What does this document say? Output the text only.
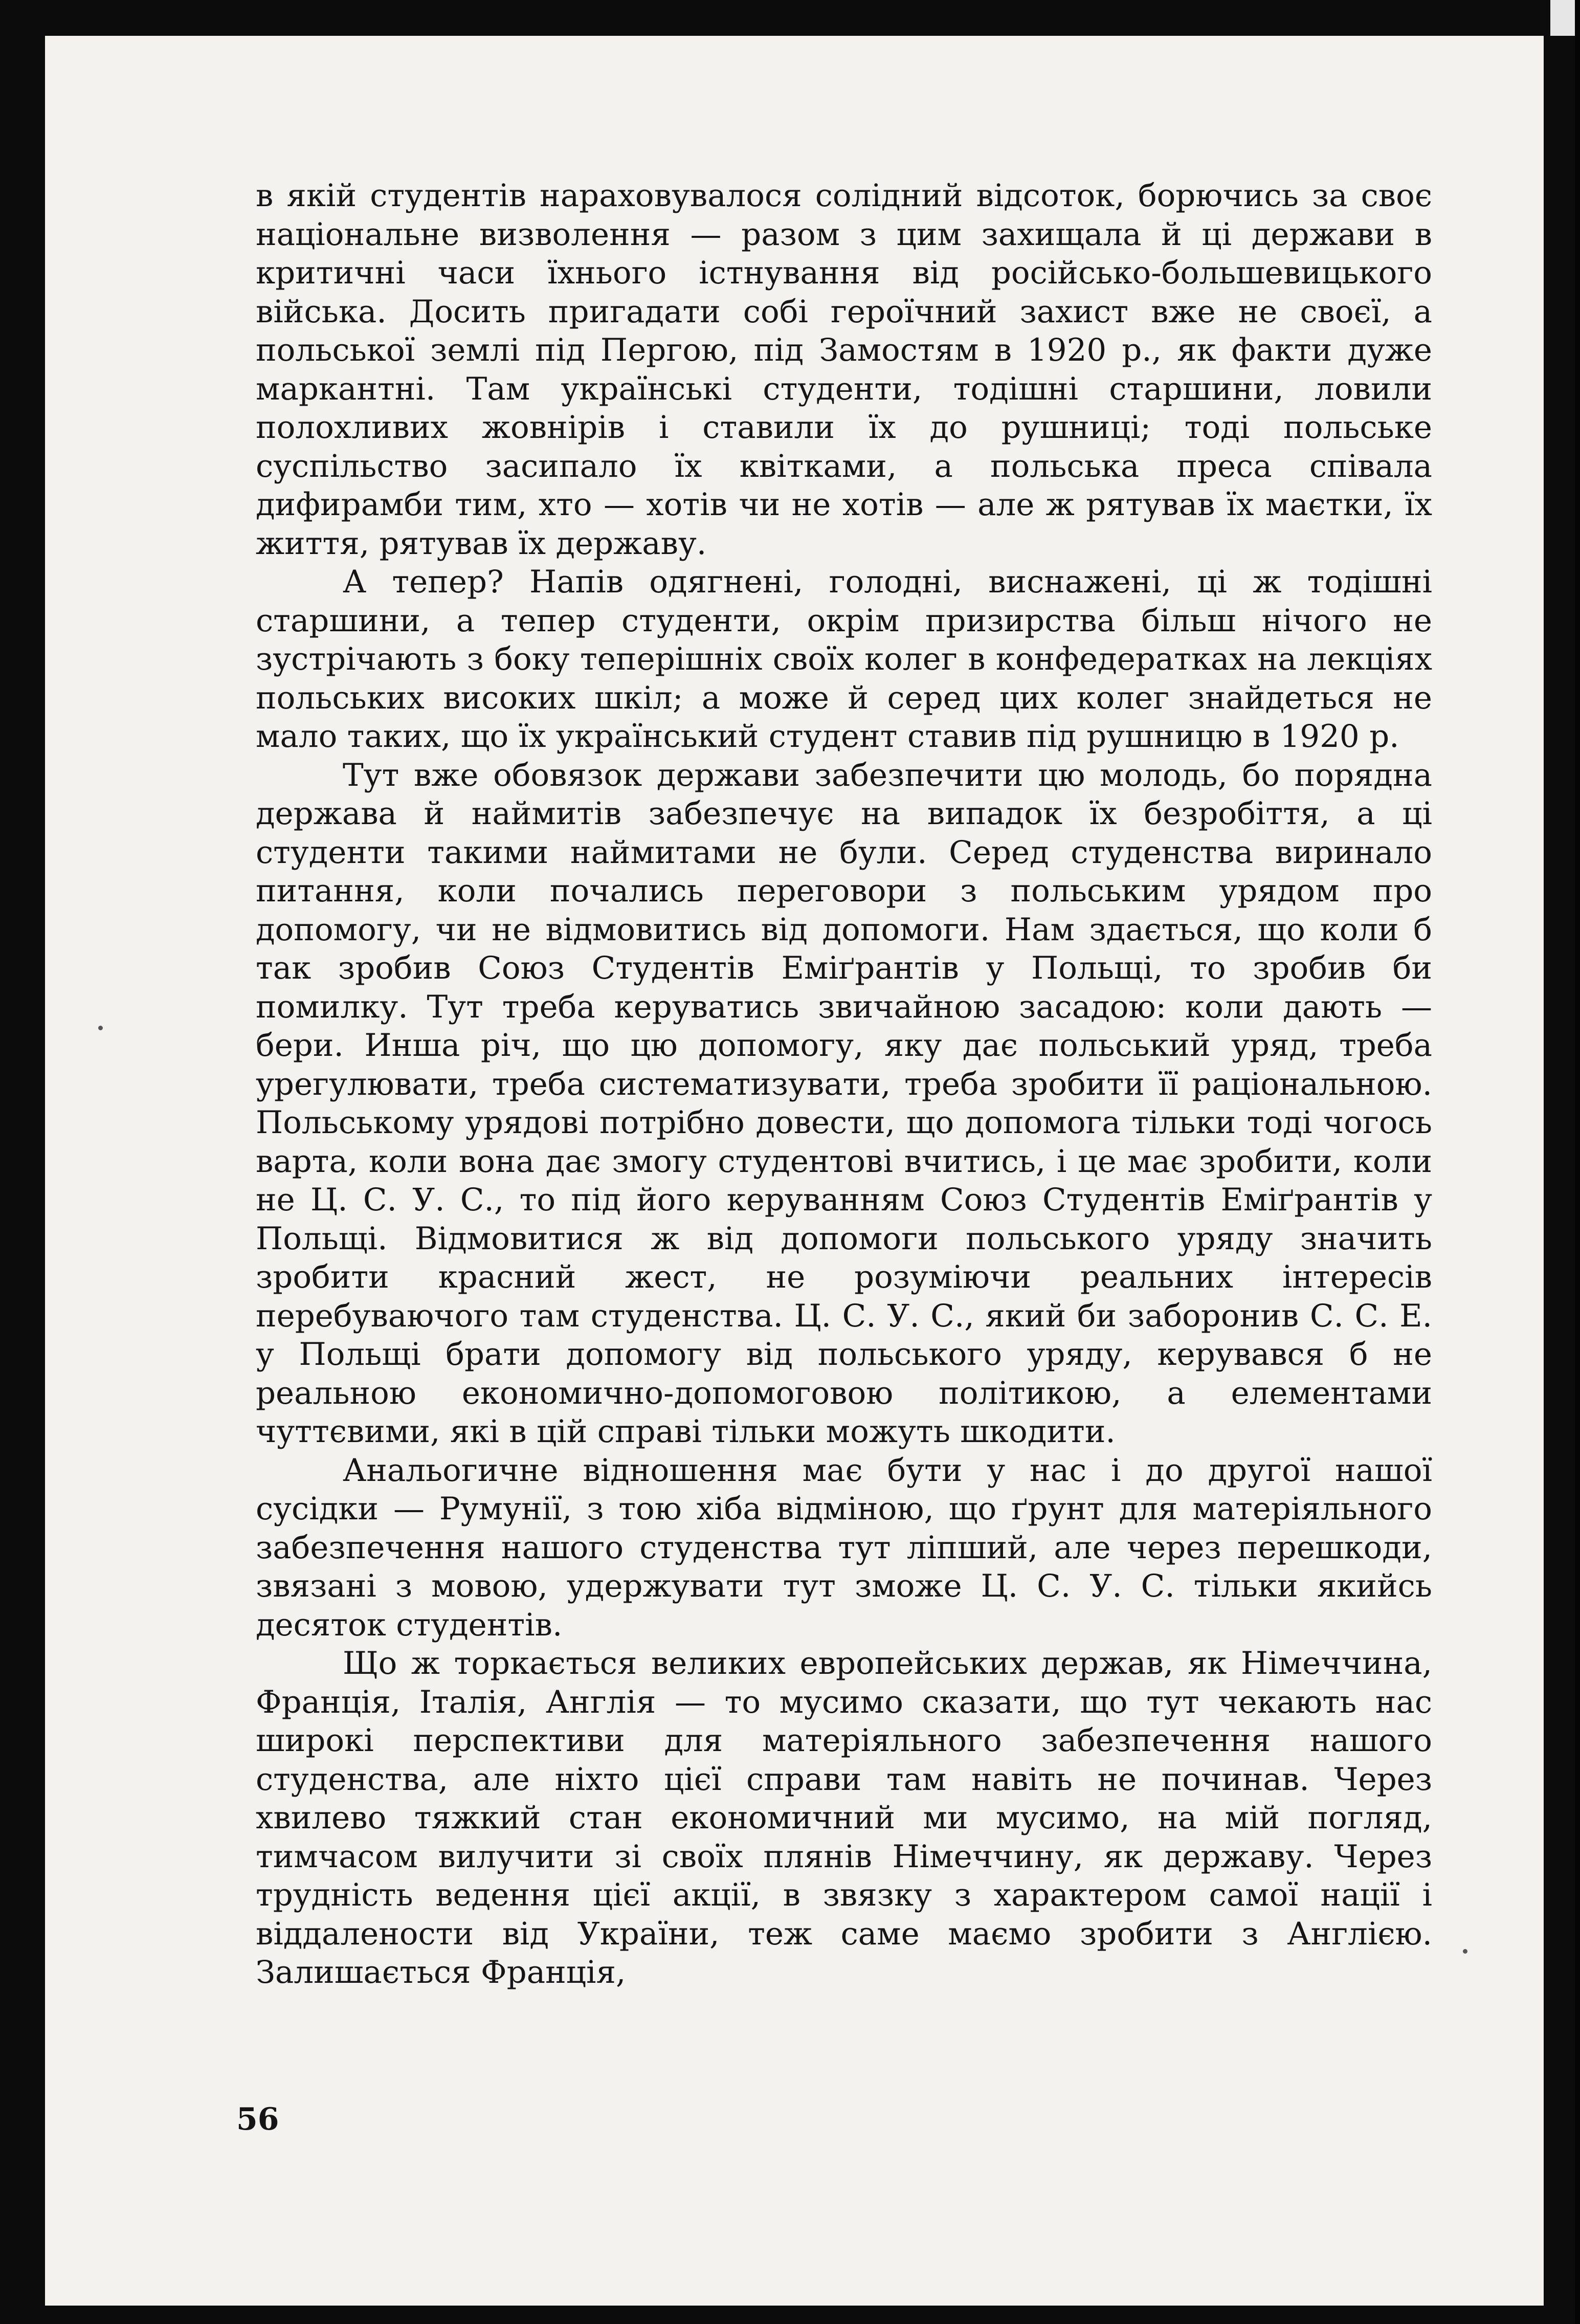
в якій студентів нараховувалося солідний відсоток, борючись за своє національне визволення — разом з цим захищала й ці держави в критичні часи їхнього істнування від російсько-большевицького війська. Досить пригадати собі героїчний захист вже не своєї, а польської землі під Пергою, під Замостям в 1920 р., як факти дуже маркантні. Там українські студенти, тодішні старшини, ловили полохливих жовнірів і ставили їх до рушниці; тоді польське суспільство засипало їх квітками, а польська преса співала дифирамби тим, хто — хотів чи не хотів — але ж рятував їх маєтки, їх життя, рятував їх державу.

А тепер? Напів одягнені, голодні, виснажені, ці ж тодішні старшини, а тепер студенти, окрім призирства більш нічого не зустрічають з боку теперішніх своїх колег в конфедератках на лекціях польських високих шкіл; а може й серед цих колег знайдеться не мало таких, що їх український студент ставив під рушницю в 1920 р.

Тут вже обовязок держави забезпечити цю молодь, бо порядна держава й наймитів забезпечує на випадок їх безробіття, а ці студенти такими наймитами не були. Серед студенства виринало питання, коли почались переговори з польським урядом про допомогу, чи не відмовитись від допомоги. Нам здається, що коли б так зробив Союз Студентів Еміґрантів у Польщі, то зробив би помилку. Тут треба керуватись звичайною засадою: коли дають — бери. Инша річ, що цю допомогу, яку дає польський уряд, треба урегулювати, треба систематизувати, треба зробити її раціональною. Польському урядові потрібно довести, що допомога тільки тоді чогось варта, коли вона дає змогу студентові вчитись, і це має зробити, коли не Ц. С. У. С., то під його керуванням Союз Студентів Еміґрантів у Польщі. Відмовитися ж від допомоги польського уряду значить зробити красний жест, не розуміючи реальних інтересів перебуваючого там студенства. Ц. С. У. С., який би заборонив С. С. Е. у Польщі брати допомогу від польського уряду, керувався б не реальною економично-допомоговою політикою, а елементами чуттєвими, які в цій справі тільки можуть шкодити.

Анальогичне відношення має бути у нас і до другої нашої сусідки — Румунії, з тою хіба відміною, що ґрунт для матеріяльного забезпечення нашого студенства тут ліпший, але через перешкоди, звязані з мовою, удержувати тут зможе Ц. С. У. С. тільки якийсь десяток студентів.

Що ж торкається великих европейських держав, як Німеччина, Франція, Італія, Англія — то мусимо сказати, що тут чекають нас широкі перспективи для матеріяльного забезпечення нашого студенства, але ніхто цієї справи там навіть не починав. Через хвилево тяжкий стан економичний ми мусимо, на мій погляд, тимчасом вилучити зі своїх плянів Німеччину, як державу. Через трудність ведення цієї акції, в звязку з характером самої нації і віддалености від України, теж саме маємо зробити з Англією. Залишається Франція,

56
